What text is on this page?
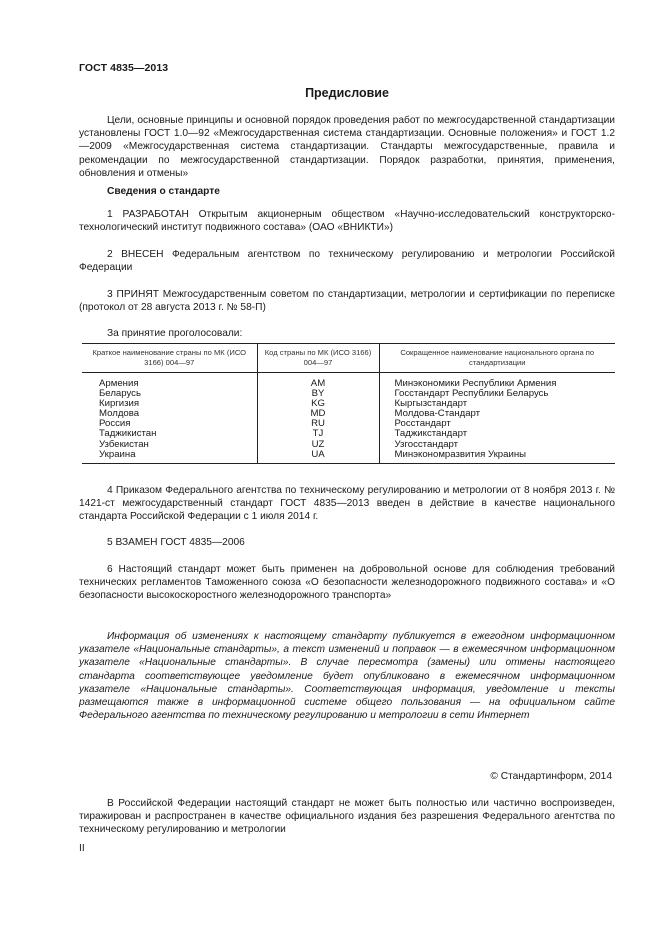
ГОСТ 4835—2013
Предисловие
Цели, основные принципы и основной порядок проведения работ по межгосударственной стандартизации установлены ГОСТ 1.0—92 «Межгосударственная система стандартизации. Основные положения» и ГОСТ 1.2—2009 «Межгосударственная система стандартизации. Стандарты межгосударственные, правила и рекомендации по межгосударственной стандартизации. Порядок разработки, принятия, применения, обновления и отмены»
Сведения о стандарте
1 РАЗРАБОТАН Открытым акционерным обществом «Научно-исследовательский конструкторско-технологический институт подвижного состава» (ОАО «ВНИКТИ»)
2 ВНЕСЕН Федеральным агентством по техническому регулированию и метрологии Российской Федерации
3 ПРИНЯТ Межгосударственным советом по стандартизации, метрологии и сертификации по переписке (протокол от 28 августа 2013 г. № 58-П)
За принятие проголосовали:
Краткое наименование страны по МК (ИСО 3166) 004—97	Код страны по МК (ИСО 3166) 004—97	Сокращенное наименование национального органа по стандартизации
Армения	AM	Минэкономики Республики Армения
Беларусь	BY	Госстандарт Республики Беларусь
Киргизия	KG	Кыргызстандарт
Молдова	MD	Молдова-Стандарт
Россия	RU	Росстандарт
Таджикистан	TJ	Таджикстандарт
Узбекистан	UZ	Узгосстандарт
Украина	UA	Минэкономразвития Украины
4 Приказом Федерального агентства по техническому регулированию и метрологии от 8 ноября 2013 г. № 1421-ст межгосударственный стандарт ГОСТ 4835—2013 введен в действие в качестве национального стандарта Российской Федерации с 1 июля 2014 г.
5 ВЗАМЕН ГОСТ 4835—2006
6 Настоящий стандарт может быть применен на добровольной основе для соблюдения требований технических регламентов Таможенного союза «О безопасности железнодорожного подвижного состава» и «О безопасности высокоскоростного железнодорожного транспорта»
Информация об изменениях к настоящему стандарту публикуется в ежегодном информационном указателе «Национальные стандарты», а текст изменений и поправок — в ежемесячном информационном указателе «Национальные стандарты». В случае пересмотра (замены) или отмены настоящего стандарта соответствующее уведомление будет опубликовано в ежемесячном информационном указателе «Национальные стандарты». Соответствующая информация, уведомление и тексты размещаются также в информационной системе общего пользования — на официальном сайте Федерального агентства по техническому регулированию и метрологии в сети Интернет
© Стандартинформ, 2014
В Российской Федерации настоящий стандарт не может быть полностью или частично воспроизведен, тиражирован и распространен в качестве официального издания без разрешения Федерального агентства по техническому регулированию и метрологии
II
